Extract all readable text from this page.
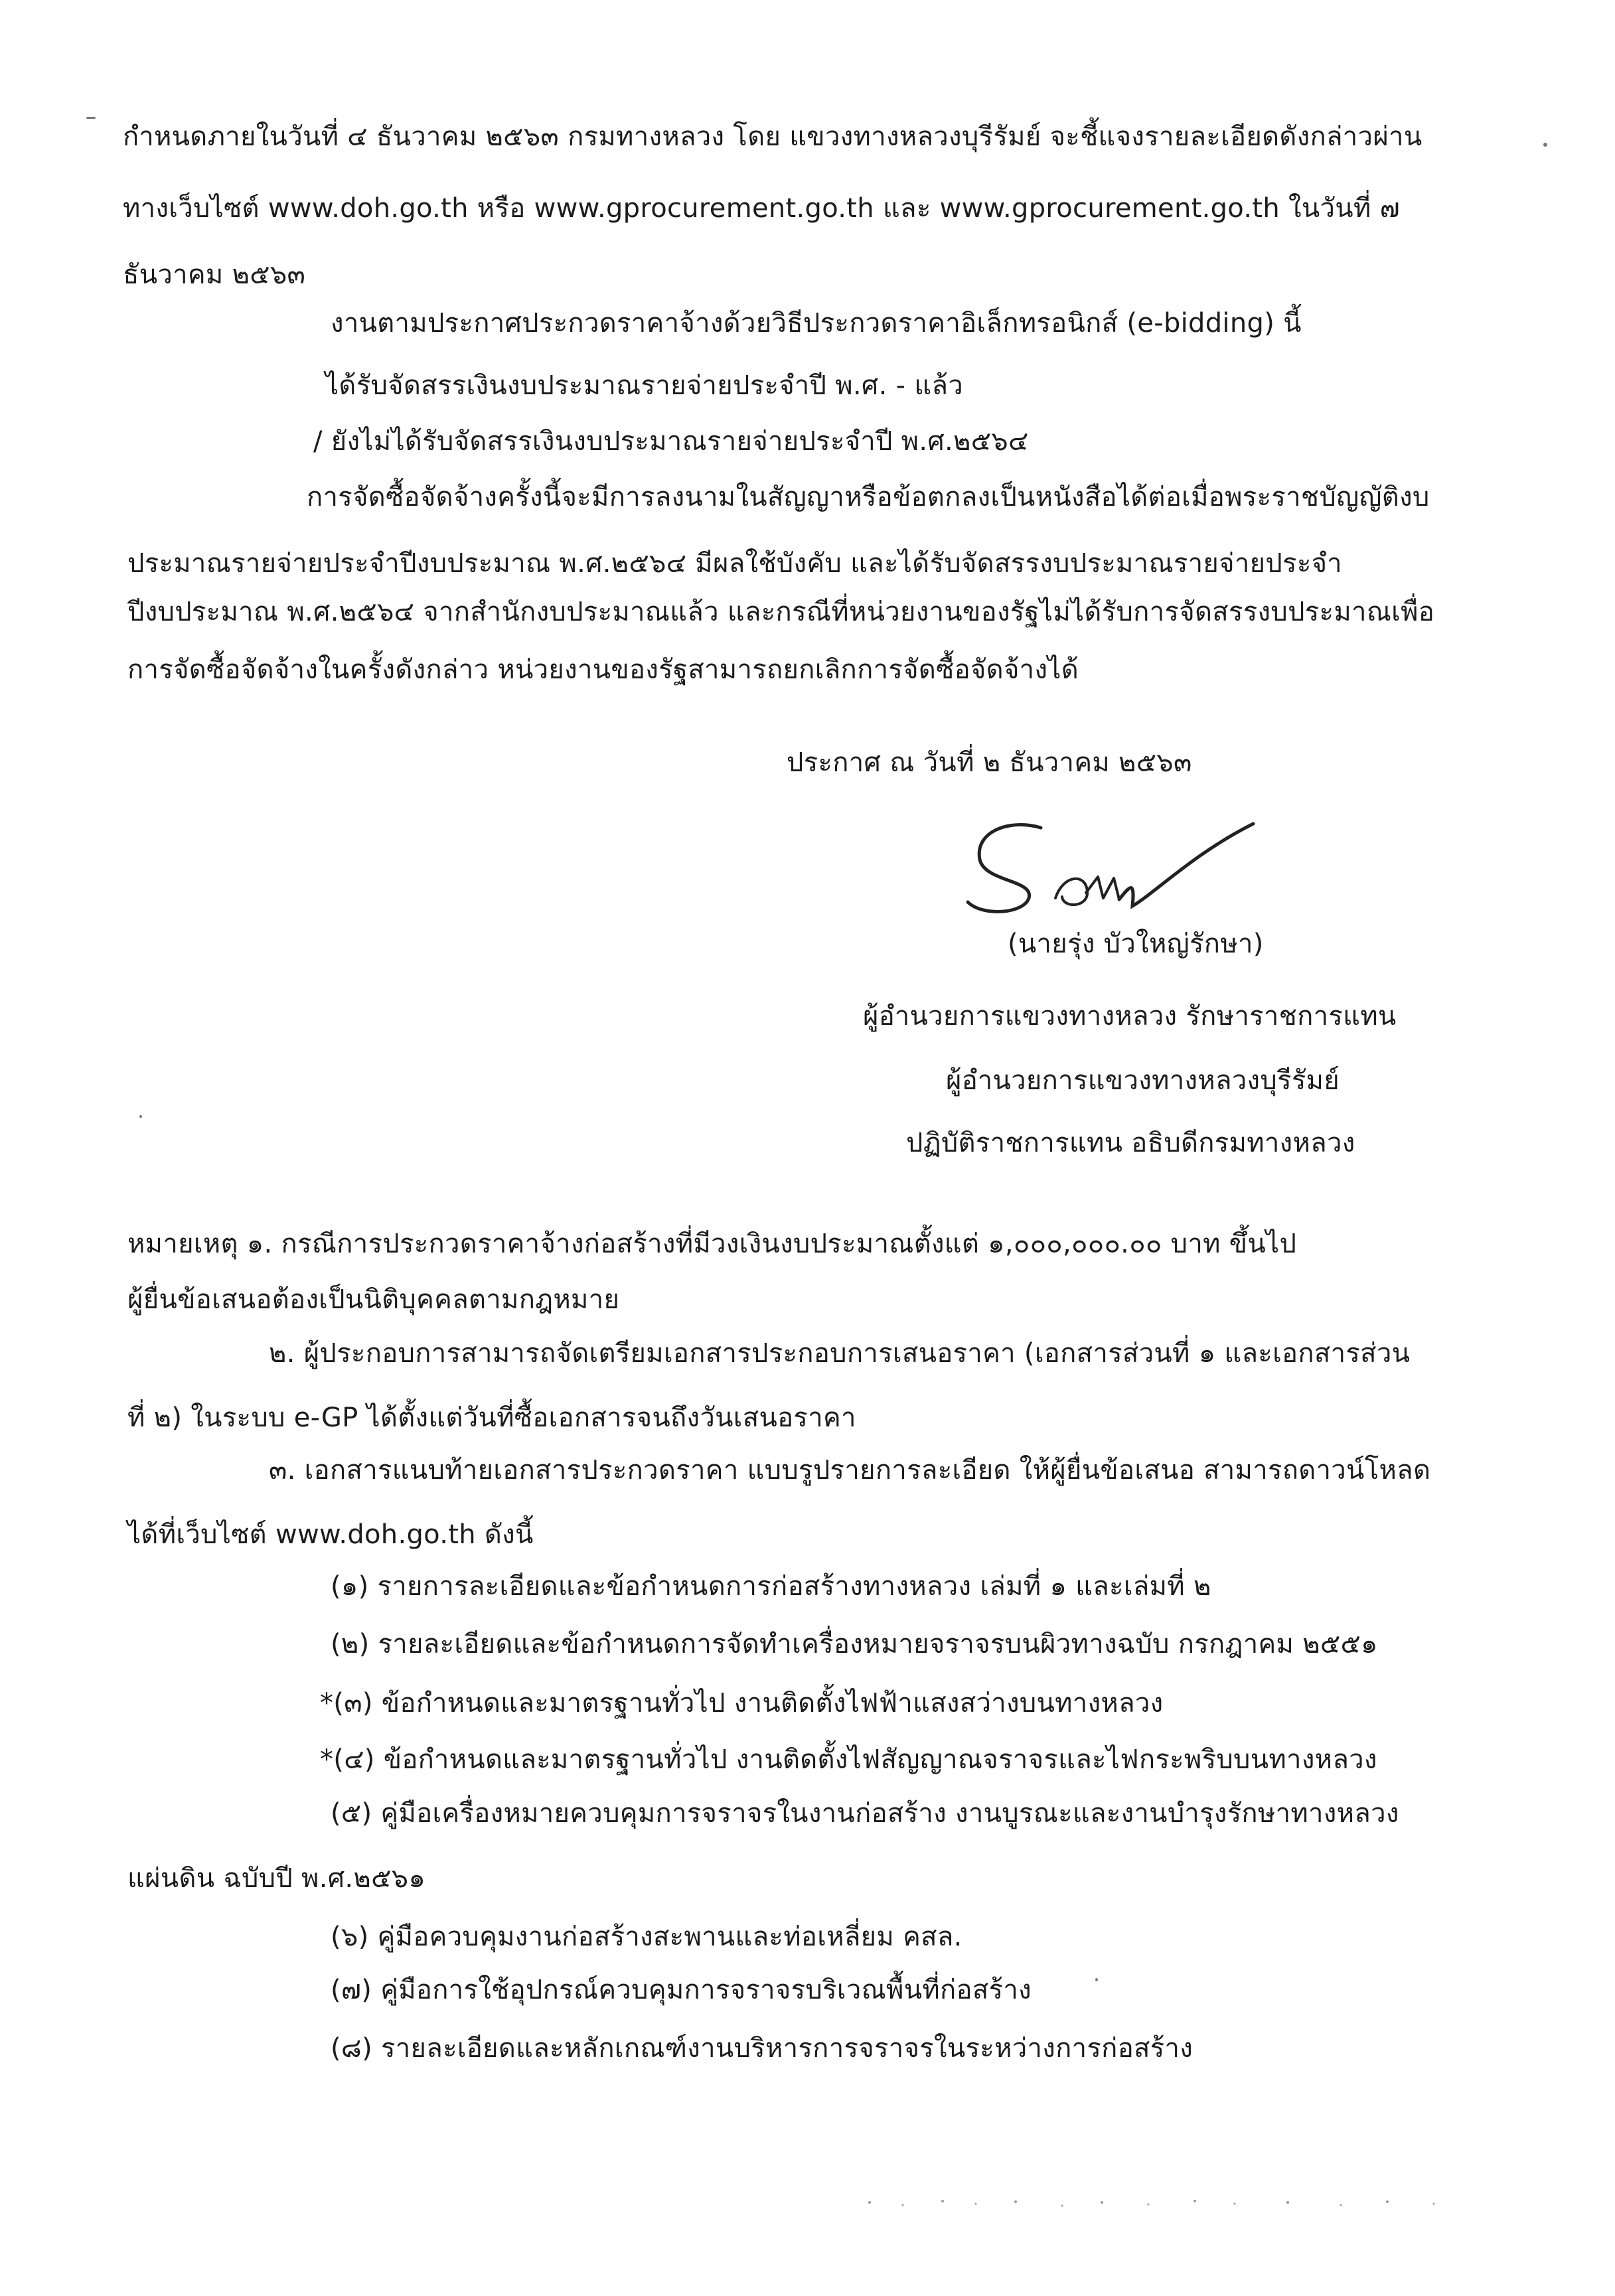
กำหนดภายในวันที่ ๔ ธันวาคม ๒๕๖๓ กรมทางหลวง โดย แขวงทางหลวงบุรีรัมย์ จะชี้แจงรายละเอียดดังกล่าวผ่าน
ทางเว็บไซต์ www.doh.go.th หรือ www.gprocurement.go.th และ www.gprocurement.go.th ในวันที่ ๗
ธันวาคม ๒๕๖๓
งานตามประกาศประกวดราคาจ้างด้วยวิธีประกวดราคาอิเล็กทรอนิกส์ (e-bidding) นี้
ได้รับจัดสรรเงินงบประมาณรายจ่ายประจำปี พ.ศ. - แล้ว
/ ยังไม่ได้รับจัดสรรเงินงบประมาณรายจ่ายประจำปี พ.ศ.๒๕๖๔
การจัดซื้อจัดจ้างครั้งนี้จะมีการลงนามในสัญญาหรือข้อตกลงเป็นหนังสือได้ต่อเมื่อพระราชบัญญัติงบ
ประมาณรายจ่ายประจำปีงบประมาณ พ.ศ.๒๕๖๔ มีผลใช้บังคับ และได้รับจัดสรรงบประมาณรายจ่ายประจำ
ปีงบประมาณ พ.ศ.๒๕๖๔ จากสำนักงบประมาณแล้ว และกรณีที่หน่วยงานของรัฐไม่ได้รับการจัดสรรงบประมาณเพื่อ
การจัดซื้อจัดจ้างในครั้งดังกล่าว หน่วยงานของรัฐสามารถยกเลิกการจัดซื้อจัดจ้างได้
ประกาศ ณ วันที่ ๒ ธันวาคม ๒๕๖๓
(นายรุ่ง บัวใหญ่รักษา)
ผู้อำนวยการแขวงทางหลวง รักษาราชการแทน
ผู้อำนวยการแขวงทางหลวงบุรีรัมย์
ปฏิบัติราชการแทน อธิบดีกรมทางหลวง
หมายเหตุ ๑. กรณีการประกวดราคาจ้างก่อสร้างที่มีวงเงินงบประมาณตั้งแต่ ๑,๐๐๐,๐๐๐.๐๐ บาท ขึ้นไป
ผู้ยื่นข้อเสนอต้องเป็นนิติบุคคลตามกฎหมาย
๒. ผู้ประกอบการสามารถจัดเตรียมเอกสารประกอบการเสนอราคา (เอกสารส่วนที่ ๑ และเอกสารส่วน
ที่ ๒) ในระบบ e-GP ได้ตั้งแต่วันที่ซื้อเอกสารจนถึงวันเสนอราคา
๓. เอกสารแนบท้ายเอกสารประกวดราคา แบบรูปรายการละเอียด ให้ผู้ยื่นข้อเสนอ สามารถดาวน์โหลด
ได้ที่เว็บไซต์ www.doh.go.th ดังนี้
(๑) รายการละเอียดและข้อกำหนดการก่อสร้างทางหลวง เล่มที่ ๑ และเล่มที่ ๒
(๒) รายละเอียดและข้อกำหนดการจัดทำเครื่องหมายจราจรบนผิวทางฉบับ กรกฎาคม ๒๕๕๑
*(๓) ข้อกำหนดและมาตรฐานทั่วไป งานติดตั้งไฟฟ้าแสงสว่างบนทางหลวง
*(๔) ข้อกำหนดและมาตรฐานทั่วไป งานติดตั้งไฟสัญญาณจราจรและไฟกระพริบบนทางหลวง
(๕) คู่มือเครื่องหมายควบคุมการจราจรในงานก่อสร้าง งานบูรณะและงานบำรุงรักษาทางหลวง
แผ่นดิน ฉบับปี พ.ศ.๒๕๖๑
(๖) คู่มือควบคุมงานก่อสร้างสะพานและท่อเหลี่ยม คสล.
(๗) คู่มือการใช้อุปกรณ์ควบคุมการจราจรบริเวณพื้นที่ก่อสร้าง
(๘) รายละเอียดและหลักเกณฑ์งานบริหารการจราจรในระหว่างการก่อสร้าง
